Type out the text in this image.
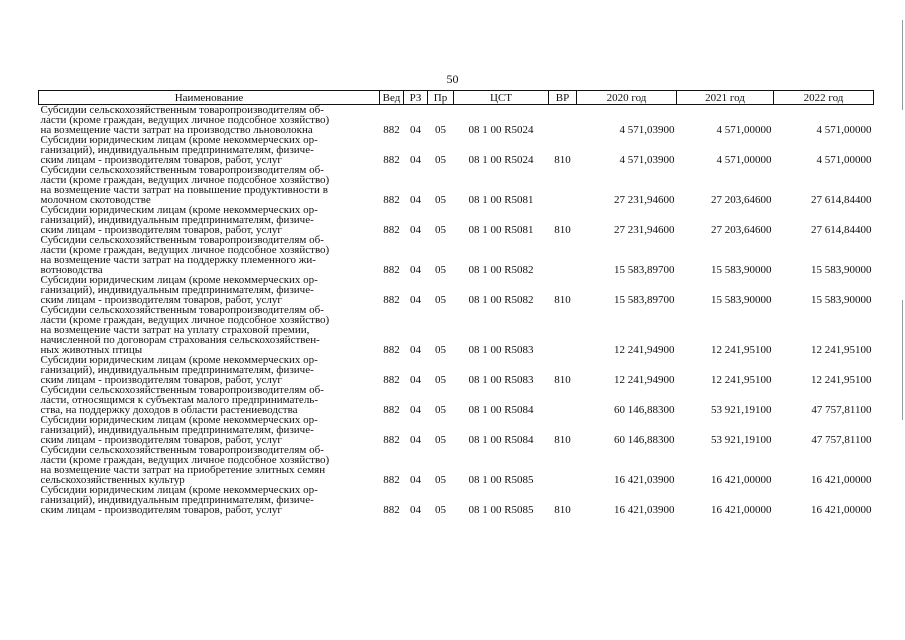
50
Наименование	Вед	РЗ	Пр	ЦСТ	ВР	2020 год	2021 год	2022 год

Субсидии сельскохозяйственным товаропроизводителям об-
ласти (кроме граждан, ведущих личное подсобное хозяйство)
на возмещение части затрат на производство льноволокна	882	04	05	08 1 00 R5024		4 571,03900	4 571,00000	4 571,00000

Субсидии юридическим лицам (кроме некоммерческих ор-
ганизаций), индивидуальным предпринимателям, физиче-
ским лицам - производителям товаров, работ, услуг	882	04	05	08 1 00 R5024	810	4 571,03900	4 571,00000	4 571,00000

Субсидии сельскохозяйственным товаропроизводителям об-
ласти (кроме граждан, ведущих личное подсобное хозяйство)
на возмещение части затрат на повышение продуктивности в
молочном скотоводстве	882	04	05	08 1 00 R5081		27 231,94600	27 203,64600	27 614,84400

Субсидии юридическим лицам (кроме некоммерческих ор-
ганизаций), индивидуальным предпринимателям, физиче-
ским лицам - производителям товаров, работ, услуг	882	04	05	08 1 00 R5081	810	27 231,94600	27 203,64600	27 614,84400

Субсидии сельскохозяйственным товаропроизводителям об-
ласти (кроме граждан, ведущих личное подсобное хозяйство)
на возмещение части затрат на поддержку племенного жи-
вотноводства	882	04	05	08 1 00 R5082		15 583,89700	15 583,90000	15 583,90000

Субсидии юридическим лицам (кроме некоммерческих ор-
ганизаций), индивидуальным предпринимателям, физиче-
ским лицам - производителям товаров, работ, услуг	882	04	05	08 1 00 R5082	810	15 583,89700	15 583,90000	15 583,90000

Субсидии сельскохозяйственным товаропроизводителям об-
ласти (кроме граждан, ведущих личное подсобное хозяйство)
на возмещение части затрат на уплату страховой премии,
начисленной по договорам страхования сельскохозяйствен-
ных животных птицы	882	04	05	08 1 00 R5083		12 241,94900	12 241,95100	12 241,95100

Субсидии юридическим лицам (кроме некоммерческих ор-
ганизаций), индивидуальным предпринимателям, физиче-
ским лицам - производителям товаров, работ, услуг	882	04	05	08 1 00 R5083	810	12 241,94900	12 241,95100	12 241,95100

Субсидии сельскохозяйственным товаропроизводителям об-
ласти, относящимся к субъектам малого предприниматель-
ства, на поддержку доходов в области растениеводства	882	04	05	08 1 00 R5084		60 146,88300	53 921,19100	47 757,81100

Субсидии юридическим лицам (кроме некоммерческих ор-
ганизаций), индивидуальным предпринимателям, физиче-
ским лицам - производителям товаров, работ, услуг	882	04	05	08 1 00 R5084	810	60 146,88300	53 921,19100	47 757,81100

Субсидии сельскохозяйственным товаропроизводителям об-
ласти (кроме граждан, ведущих личное подсобное хозяйство)
на возмещение части затрат на приобретение элитных семян
сельскохозяйственных культур	882	04	05	08 1 00 R5085		16 421,03900	16 421,00000	16 421,00000

Субсидии юридическим лицам (кроме некоммерческих ор-
ганизаций), индивидуальным предпринимателям, физиче-
ским лицам - производителям товаров, работ, услуг	882	04	05	08 1 00 R5085	810	16 421,03900	16 421,00000	16 421,00000
